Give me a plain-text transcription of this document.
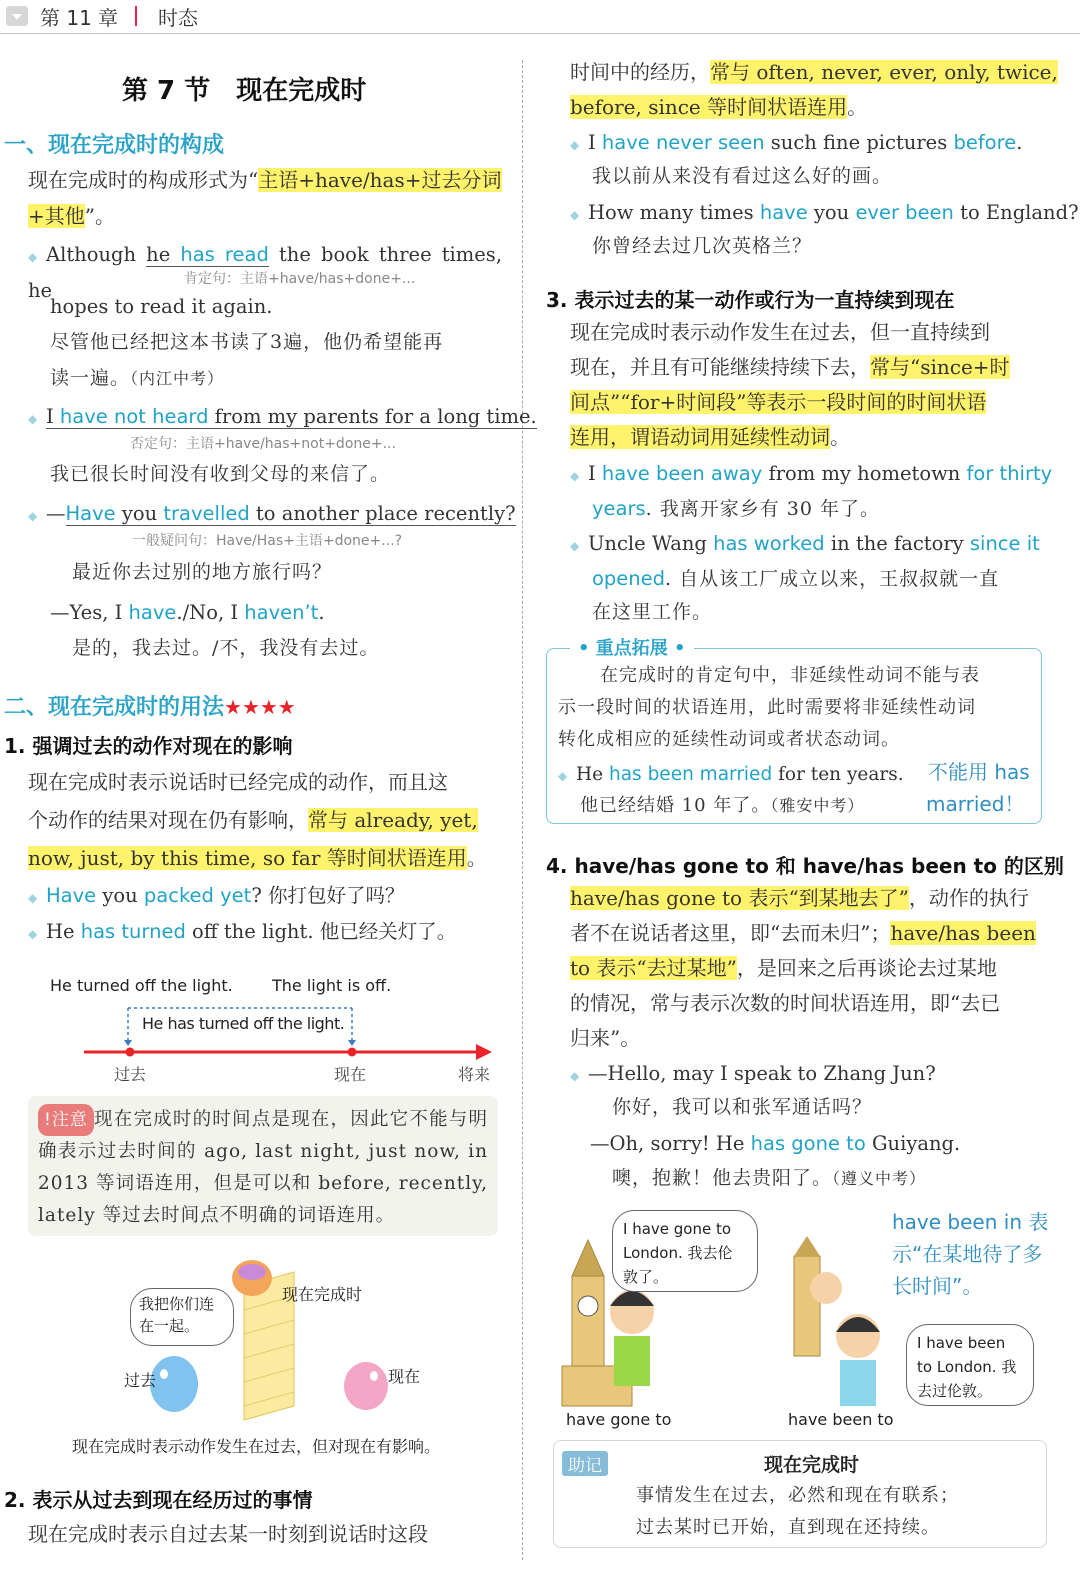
第 11 章 时态
第 7 节　现在完成时
一、现在完成时的构成
现在完成时的构成形式为“主语+have/has+过去分词+其他”。
◆ Although he has read the book three times, he	肯定句：主语+have/has+done+...
hopes to read it again.
尽管他已经把这本书读了3遍，他仍希望能再
读一遍。（内江中考）
◆ I have not heard from my parents for a long time.
否定句：主语+have/has+not+done+...
我已很长时间没有收到父母的来信了。
◆ —Have you travelled to another place recently?
一般疑问句：Have/Has+主语+done+...?
最近你去过别的地方旅行吗？
—Yes, I have./No, I haven’t.
是的，我去过。/不，我没有去过。
二、现在完成时的用法★★★★
1. 强调过去的动作对现在的影响
现在完成时表示说话时已经完成的动作，而且这
个动作的结果对现在仍有影响，常与 already, yet,
now, just, by this time, so far 等时间状语连用。
◆ Have you packed yet? 你打包好了吗？
◆ He has turned off the light. 他已经关灯了。
He turned off the light. The light is off.
He has turned off the light.
过去	现在	将来
!注意 现在完成时的时间点是现在，因此它不能与明确表示过去时间的 ago, last night, just now, in 2013 等词语连用，但是可以和 before, recently, lately 等过去时间点不明确的词语连用。
我把你们连在一起。
现在完成时
过去	现在
现在完成时表示动作发生在过去，但对现在有影响。
2. 表示从过去到现在经历过的事情
现在完成时表示自过去某一时刻到说话时这段
时间中的经历，常与 often, never, ever, only, twice,
before, since 等时间状语连用。
◆ I have never seen such fine pictures before.
我以前从来没有看过这么好的画。
◆ How many times have you ever been to England?
你曾经去过几次英格兰？
3. 表示过去的某一动作或行为一直持续到现在
现在完成时表示动作发生在过去，但一直持续到
现在，并且有可能继续持续下去，常与“since+时
间点”“for+时间段”等表示一段时间的时间状语
连用，谓语动词用延续性动词。
◆ I have been away from my hometown for thirty
years. 我离开家乡有 30 年了。
◆ Uncle Wang has worked in the factory since it
opened. 自从该工厂成立以来，王叔叔就一直
在这里工作。
• 重点拓展 •
在完成时的肯定句中，非延续性动词不能与表
示一段时间的状语连用，此时需要将非延续性动词
转化成相应的延续性动词或者状态动词。
◆ He has been married for ten years.
他已经结婚 10 年了。（雅安中考）
不能用 has
married！
4. have/has gone to 和 have/has been to 的区别
have/has gone to 表示“到某地去了”，动作的执行
者不在说话者这里，即“去而未归”；have/has been
to 表示“去过某地”，是回来之后再谈论去过某地
的情况，常与表示次数的时间状语连用，即“去已
归来”。
◆ —Hello, may I speak to Zhang Jun?
你好，我可以和张军通话吗？
—Oh, sorry! He has gone to Guiyang.
噢，抱歉！他去贵阳了。（遵义中考）
I have gone to London. 我去伦敦了。
have been in 表示“在某地待了多长时间”。
I have been to London. 我去过伦敦。
have gone to	have been to
助记	现在完成时
事情发生在过去，必然和现在有联系；
过去某时已开始，直到现在还持续。
